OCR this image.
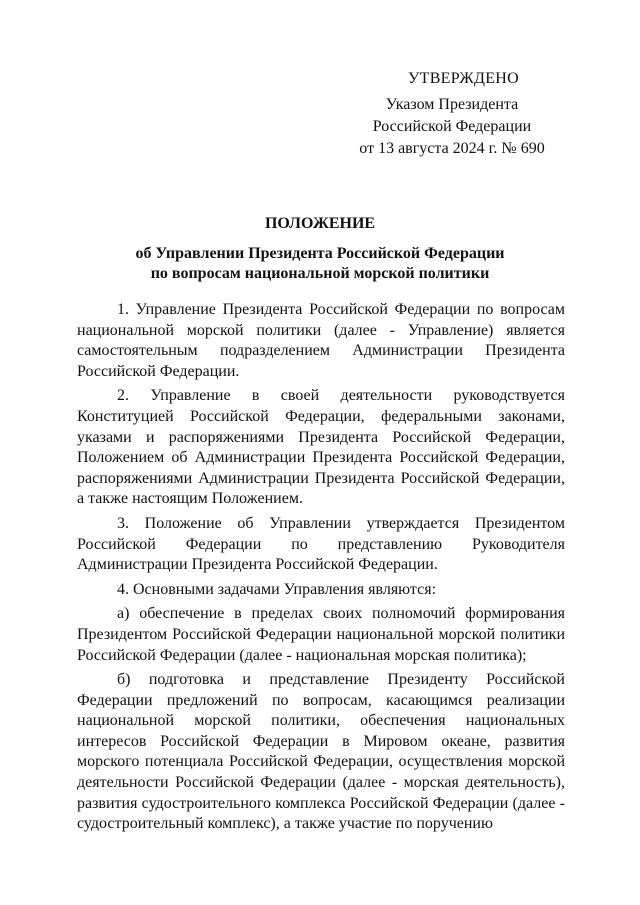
УТВЕРЖДЕНО
Указом Президента
Российской Федерации
от 13 августа 2024 г. № 690
ПОЛОЖЕНИЕ
об Управлении Президента Российской Федерации
по вопросам национальной морской политики

1. Управление Президента Российской Федерации по вопросам национальной морской политики (далее - Управление) является самостоятельным подразделением Администрации Президента Российской Федерации.

2. Управление в своей деятельности руководствуется Конституцией Российской Федерации, федеральными законами, указами и распоряжениями Президента Российской Федерации, Положением об Администрации Президента Российской Федерации, распоряжениями Администрации Президента Российской Федерации, а также настоящим Положением.

3. Положение об Управлении утверждается Президентом Российской Федерации по представлению Руководителя Администрации Президента Российской Федерации.

4. Основными задачами Управления являются:

а) обеспечение в пределах своих полномочий формирования Президентом Российской Федерации национальной морской политики Российской Федерации (далее - национальная морская политика);

б) подготовка и представление Президенту Российской Федерации предложений по вопросам, касающимся реализации национальной морской политики, обеспечения национальных интересов Российской Федерации в Мировом океане, развития морского потенциала Российской Федерации, осуществления морской деятельности Российской Федерации (далее - морская деятельность), развития судостроительного комплекса Российской Федерации (далее - судостроительный комплекс), а также участие по поручению
